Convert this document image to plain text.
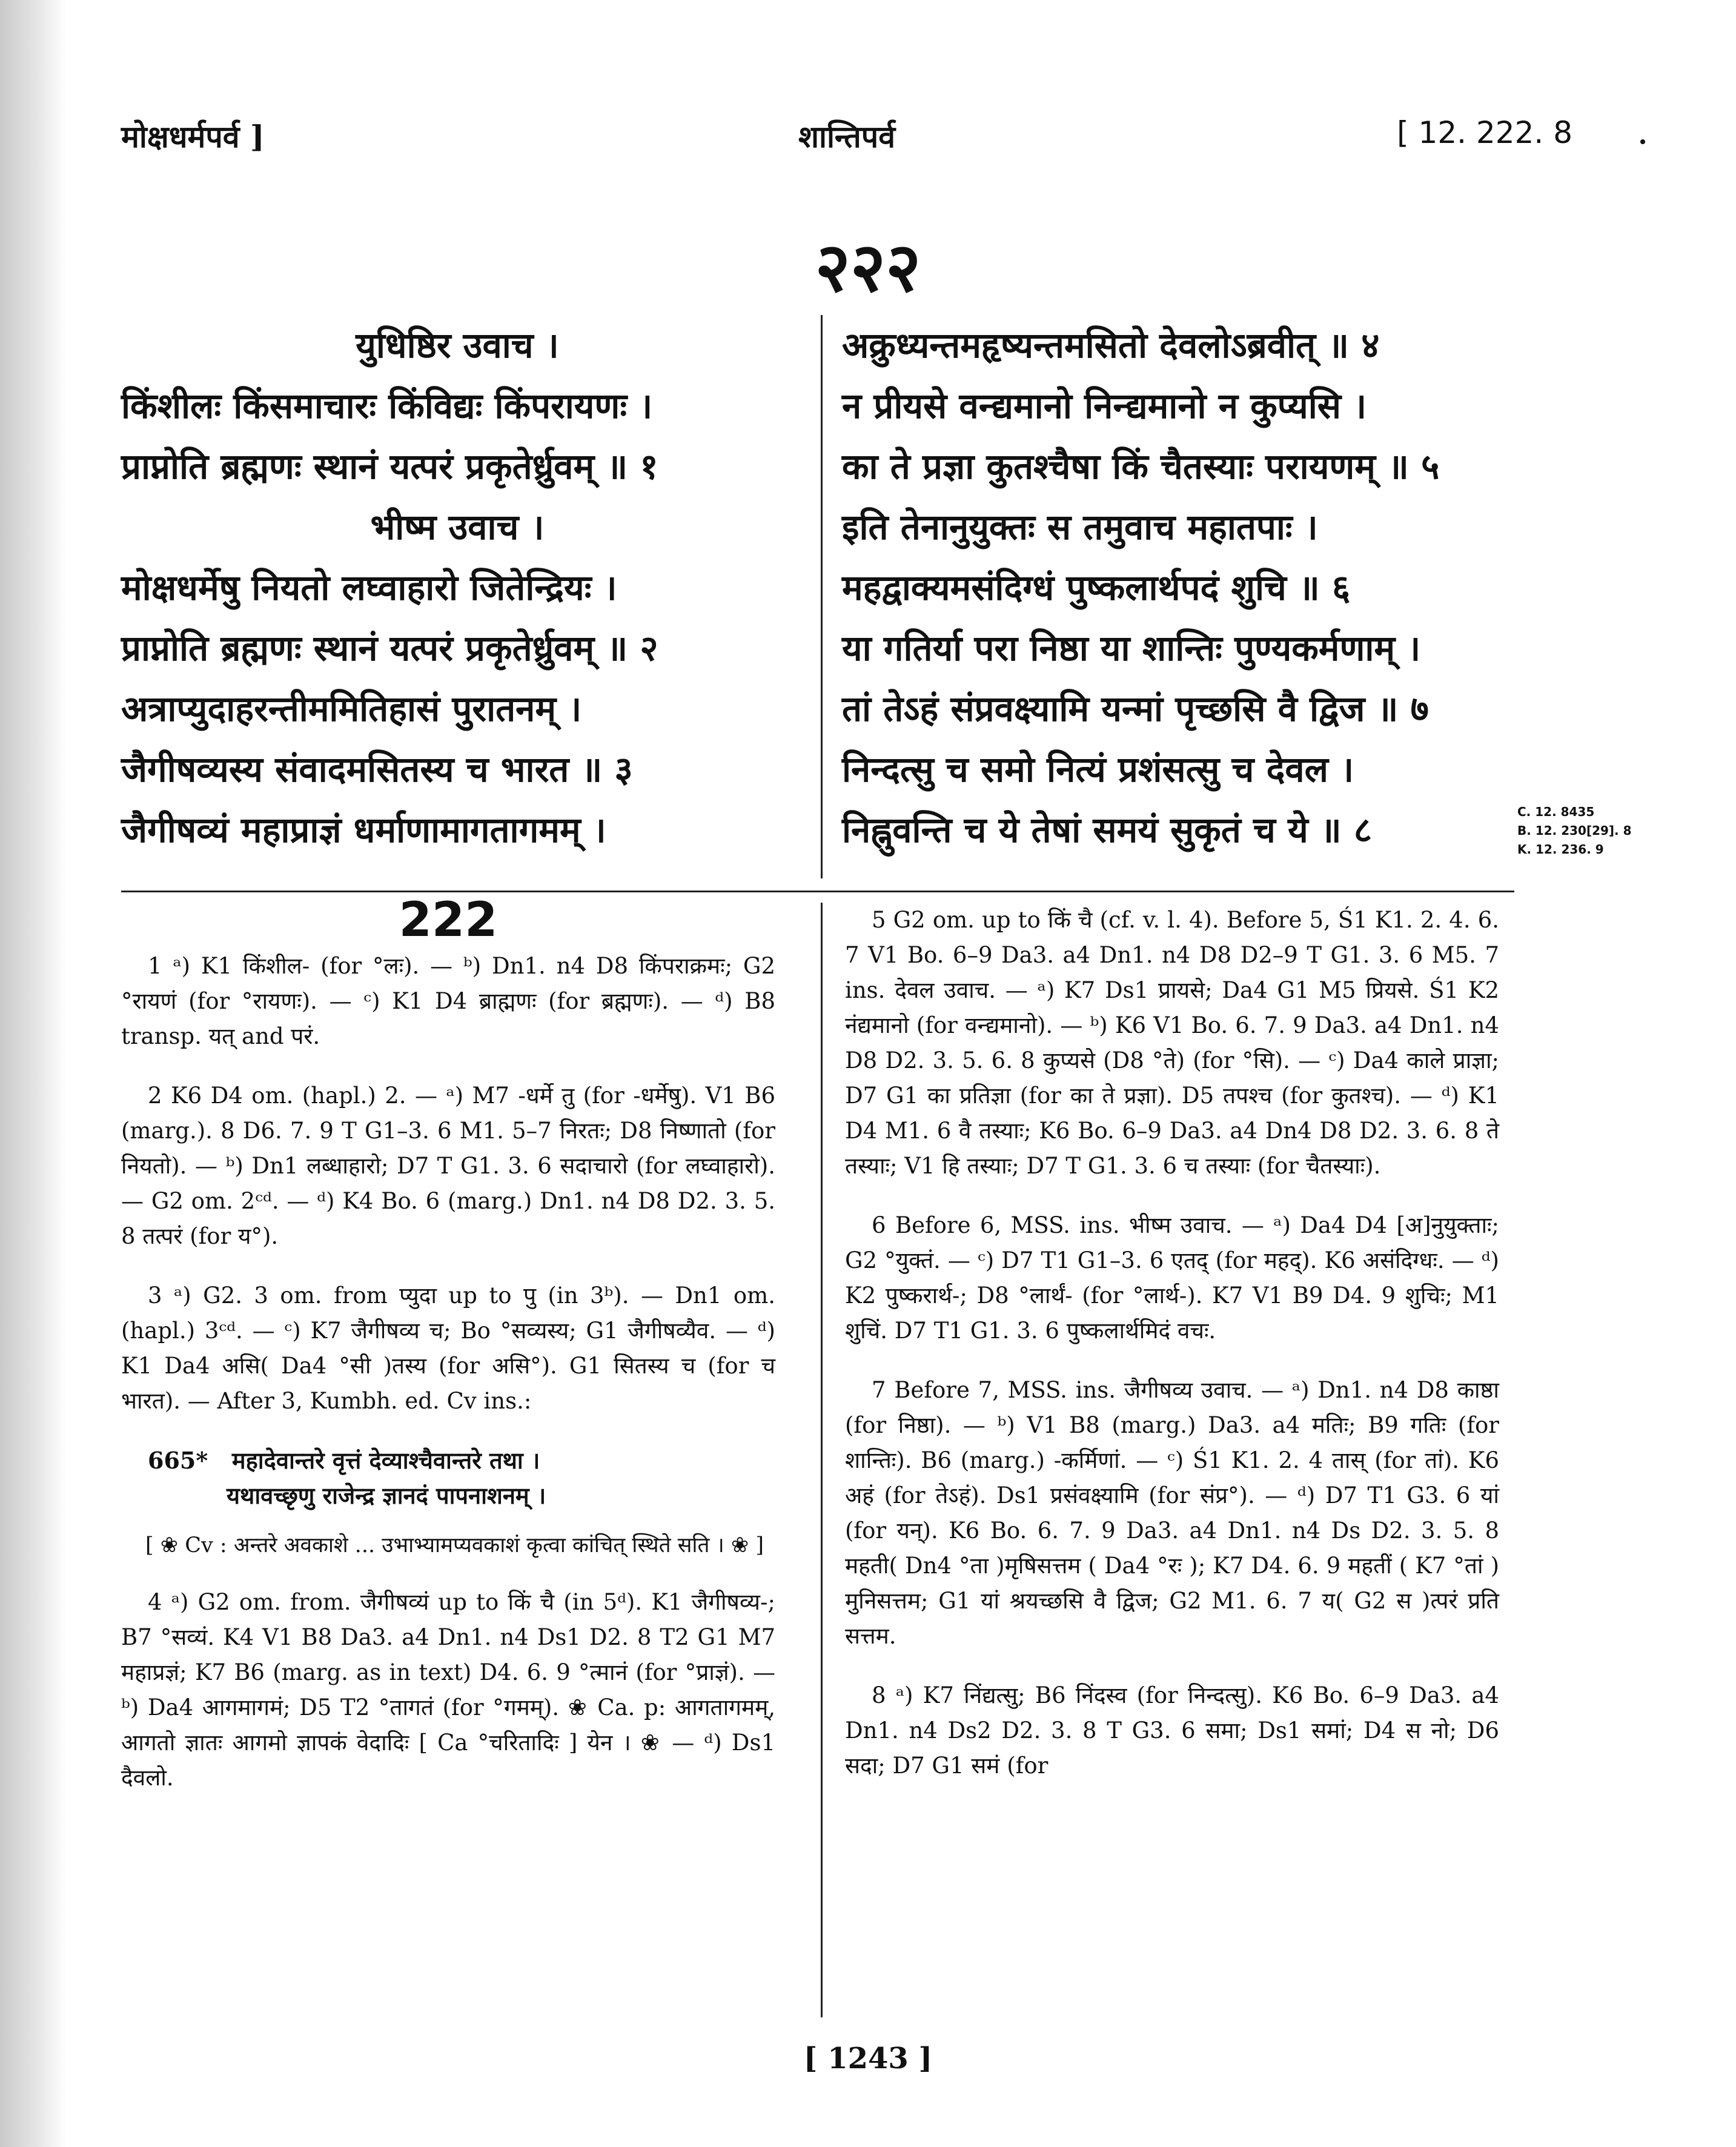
मोक्षधर्मपर्व ]	शान्तिपर्व	[ 12. 222. 8
२२२
युधिष्ठिर उवाच ।
किंशीलः किंसमाचारः किंविद्यः किंपरायणः ।
प्राप्नोति ब्रह्मणः स्थानं यत्परं प्रकृतेर्ध्रुवम् ॥ १
भीष्म उवाच ।
मोक्षधर्मेषु नियतो लघ्वाहारो जितेन्द्रियः ।
प्राप्नोति ब्रह्मणः स्थानं यत्परं प्रकृतेर्ध्रुवम् ॥ २
अत्राप्युदाहरन्तीममितिहासं पुरातनम् ।
जैगीषव्यस्य संवादमसितस्य च भारत ॥ ३
जैगीषव्यं महाप्राज्ञं धर्माणामागतागमम् ।
अक्रुध्यन्तमहृष्यन्तमसितो देवलोऽब्रवीत् ॥ ४
न प्रीयसे वन्द्यमानो निन्द्यमानो न कुप्यसि ।
का ते प्रज्ञा कुतश्चैषा किं चैतस्याः परायणम् ॥ ५
इति तेनानुयुक्तः स तमुवाच महातपाः ।
महद्वाक्यमसंदिग्धं पुष्कलार्थपदं शुचि ॥ ६
या गतिर्या परा निष्ठा या शान्तिः पुण्यकर्मणाम् ।
तां तेऽहं संप्रवक्ष्यामि यन्मां पृच्छसि वै द्विज ॥ ७
निन्दत्सु च समो नित्यं प्रशंसत्सु च देवल ।
निह्नुवन्ति च ये तेषां समयं सुकृतं च ये ॥ ८	C. 12. 8435
B. 12. 230[29]. 8
K. 12. 236. 9
222

1 ᵃ) K1 किंशील- (for °लः). — ᵇ) Dn1. n4 D8 किंपराक्रमः; G2 °रायणं (for °रायणः). — ᶜ) K1 D4 ब्राह्मणः (for ब्रह्मणः). — ᵈ) B8 transp. यत् and परं.

2 K6 D4 om. (hapl.) 2. — ᵃ) M7 -धर्मे तु (for -धर्मेषु). V1 B6 (marg.). 8 D6. 7. 9 T G1–3. 6 M1. 5–7 निरतः; D8 निष्णातो (for नियतो). — ᵇ) Dn1 लब्धाहारो; D7 T G1. 3. 6 सदाचारो (for लघ्वाहारो). — G2 om. 2ᶜᵈ. — ᵈ) K4 Bo. 6 (marg.) Dn1. n4 D8 D2. 3. 5. 8 तत्परं (for य°).

3 ᵃ) G2. 3 om. from प्युदा up to पु (in 3ᵇ). — Dn1 om. (hapl.) 3ᶜᵈ. — ᶜ) K7 जैगीषव्य च; Bo °सव्यस्य; G1 जैगीषव्यैव. — ᵈ) K1 Da4 असि( Da4 °सी )तस्य (for असि°). G1 सितस्य च (for च भारत). — After 3, Kumbh. ed. Cv ins.:

665* महादेवान्तरे वृत्तं देव्याश्चैवान्तरे तथा ।
यथावच्छृणु राजेन्द्र ज्ञानदं पापनाशनम् ।
[ ❀ Cv : अन्तरे अवकाशे ... उभाभ्यामप्यवकाशं कृत्वा कांचित् स्थिते सति । ❀ ]

4 ᵃ) G2 om. from. जैगीषव्यं up to किं चै (in 5ᵈ). K1 जैगीषव्य-; B7 °सव्यं. K4 V1 B8 Da3. a4 Dn1. n4 Ds1 D2. 8 T2 G1 M7 महाप्रज्ञं; K7 B6 (marg. as in text) D4. 6. 9 °त्मानं (for °प्राज्ञं). — ᵇ) Da4 आगमागमं; D5 T2 °तागतं (for °गमम्). ❀ Ca. p: आगतागमम्, आगतो ज्ञातः आगमो ज्ञापकं वेदादिः [ Ca °चरितादिः ] येन । ❀ — ᵈ) Ds1 दैवलो.

5 G2 om. up to किं चै (cf. v. l. 4). Before 5, Ś1 K1. 2. 4. 6. 7 V1 Bo. 6–9 Da3. a4 Dn1. n4 D8 D2–9 T G1. 3. 6 M5. 7 ins. देवल उवाच. — ᵃ) K7 Ds1 प्रायसे; Da4 G1 M5 प्रियसे. Ś1 K2 नंद्यमानो (for वन्द्यमानो). — ᵇ) K6 V1 Bo. 6. 7. 9 Da3. a4 Dn1. n4 D8 D2. 3. 5. 6. 8 कुप्यसे (D8 °ते) (for °सि). — ᶜ) Da4 काले प्राज्ञा; D7 G1 का प्रतिज्ञा (for का ते प्रज्ञा). D5 तपश्च (for कुतश्च). — ᵈ) K1 D4 M1. 6 वै तस्याः; K6 Bo. 6–9 Da3. a4 Dn4 D8 D2. 3. 6. 8 ते तस्याः; V1 हि तस्याः; D7 T G1. 3. 6 च तस्याः (for चैतस्याः).

6 Before 6, MSS. ins. भीष्म उवाच. — ᵃ) Da4 D4 [अ]नुयुक्ताः; G2 °युक्तं. — ᶜ) D7 T1 G1–3. 6 एतद् (for महद्). K6 असंदिग्धः. — ᵈ) K2 पुष्करार्थ-; D8 °लार्थं- (for °लार्थ-). K7 V1 B9 D4. 9 शुचिः; M1 शुचिं. D7 T1 G1. 3. 6 पुष्कलार्थमिदं वचः.

7 Before 7, MSS. ins. जैगीषव्य उवाच. — ᵃ) Dn1. n4 D8 काष्ठा (for निष्ठा). — ᵇ) V1 B8 (marg.) Da3. a4 मतिः; B9 गतिः (for शान्तिः). B6 (marg.) -कर्मिणां. — ᶜ) Ś1 K1. 2. 4 तास् (for तां). K6 अहं (for तेऽहं). Ds1 प्रसंवक्ष्यामि (for संप्र°). — ᵈ) D7 T1 G3. 6 यां (for यन्). K6 Bo. 6. 7. 9 Da3. a4 Dn1. n4 Ds D2. 3. 5. 8 महती( Dn4 °ता )मृषिसत्तम ( Da4 °रः ); K7 D4. 6. 9 महतीं ( K7 °तां ) मुनिसत्तम; G1 यां श्रयच्छसि वै द्विज; G2 M1. 6. 7 य( G2 स )त्परं प्रति सत्तम.

8 ᵃ) K7 निंद्यत्सु; B6 निंदस्व (for निन्दत्सु). K6 Bo. 6–9 Da3. a4 Dn1. n4 Ds2 D2. 3. 8 T G3. 6 समा; Ds1 समां; D4 स नो; D6 सदा; D7 G1 समं (for

[ 1243 ]
